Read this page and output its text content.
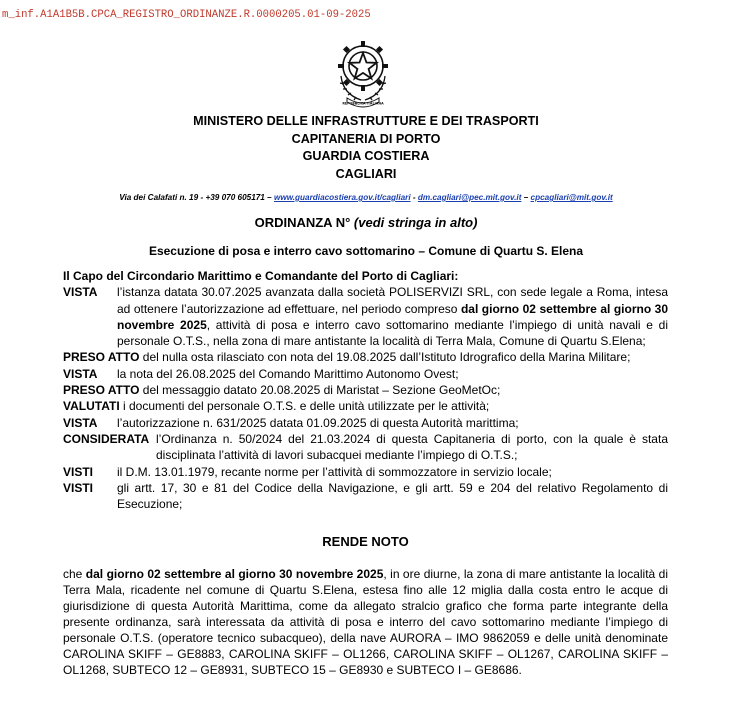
m_inf.A1A1B5B.CPCA_REGISTRO_ORDINANZE.R.0000205.01-09-2025
REPUBBLICA ITALIANA
MINISTERO DELLE INFRASTRUTTURE E DEI TRASPORTI
CAPITANERIA DI PORTO
GUARDIA COSTIERA
CAGLIARI
Via dei Calafati n. 19 - +39 070 605171 – www.guardiacostiera.gov.it/cagliari - dm.cagliari@pec.mit.gov.it – cpcagliari@mit.gov.it
ORDINANZA N° (vedi stringa in alto)
Esecuzione di posa e interro cavo sottomarino – Comune di Quartu S. Elena
Il Capo del Circondario Marittimo e Comandante del Porto di Cagliari:
VISTA	l’istanza datata 30.07.2025 avanzata dalla società POLISERVIZI SRL, con sede legale a Roma, intesa ad ottenere l’autorizzazione ad effettuare, nel periodo compreso dal giorno 02 settembre al giorno 30 novembre 2025, attività di posa e interro cavo sottomarino mediante l’impiego di unità navali e di personale O.T.S., nella zona di mare antistante la località di Terra Mala, Comune di Quartu S.Elena;
PRESO ATTO del nulla osta rilasciato con nota del 19.08.2025 dall’Istituto Idrografico della Marina Militare;
VISTA	la nota del 26.08.2025 del Comando Marittimo Autonomo Ovest;
PRESO ATTO del messaggio datato 20.08.2025 di Maristat – Sezione GeoMetOc;
VALUTATI i documenti del personale O.T.S. e delle unità utilizzate per le attività;
VISTA	l’autorizzazione n. 631/2025 datata 01.09.2025 di questa Autorità marittima;
CONSIDERATA l’Ordinanza n. 50/2024 del 21.03.2024 di questa Capitaneria di porto, con la quale è stata disciplinata l’attività di lavori subacquei mediante l’impiego di O.T.S.;
VISTI	il D.M. 13.01.1979, recante norme per l’attività di sommozzatore in servizio locale;
VISTI	gli artt. 17, 30 e 81 del Codice della Navigazione, e gli artt. 59 e 204 del relativo Regolamento di Esecuzione;
RENDE NOTO
che dal giorno 02 settembre al giorno 30 novembre 2025, in ore diurne, la zona di mare antistante la località di Terra Mala, ricadente nel comune di Quartu S.Elena, estesa fino alle 12 miglia dalla costa entro le acque di giurisdizione di questa Autorità Marittima, come da allegato stralcio grafico che forma parte integrante della presente ordinanza, sarà interessata da attività di posa e interro del cavo sottomarino mediante l’impiego di personale O.T.S. (operatore tecnico subacqueo), della nave AURORA – IMO 9862059 e delle unità denominate CAROLINA SKIFF – GE8883, CAROLINA SKIFF – OL1266, CAROLINA SKIFF – OL1267, CAROLINA SKIFF – OL1268, SUBTECO 12 – GE8931, SUBTECO 15 – GE8930 e SUBTECO I – GE8686.
